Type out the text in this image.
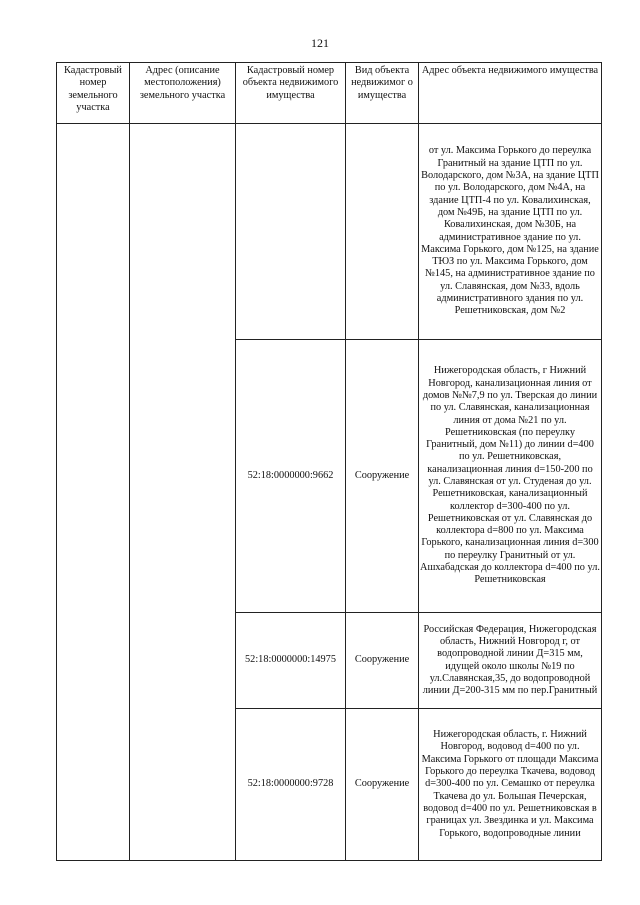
121
Кадастровый номер земельного участка	Адрес (описание местоположения) земельного участка	Кадастровый номер объекта недвижимого имущества	Вид объекта недвижимог о имущества	Адрес объекта недвижимого имущества
				от ул. Максима Горького до переулка Гранитный на здание ЦТП по ул. Володарского, дом №3А, на здание ЦТП по ул. Володарского, дом №4А, на здание ЦТП-4 по ул. Ковалихинская, дом №49Б, на здание ЦТП по ул. Ковалихинская, дом №30Б, на административное здание по ул. Максима Горького, дом №125, на здание ТЮЗ по ул. Максима Горького, дом №145, на административное здание по ул. Славянская, дом №33, вдоль административного здания по ул. Решетниковская, дом №2
		52:18:0000000:9662	Сооружение	Нижегородская область, г Нижний Новгород, канализационная линия от домов №№7,9 по ул. Тверская до линии по ул. Славянская, канализационная линия от дома №21 по ул. Решетниковская (по переулку Гранитный, дом №11) до линии d=400 по ул. Решетниковская, канализационная линия d=150-200 по ул. Славянская от ул. Студеная до ул. Решетниковская, канализационный коллектор d=300-400 по ул. Решетниковская от ул. Славянская до коллектора d=800 по ул. Максима Горького, канализационная линия d=300 по переулку Гранитный от ул. Ашхабадская до коллектора d=400 по ул. Решетниковская
		52:18:0000000:14975	Сооружение	Российская Федерация, Нижегородская область, Нижний Новгород г, от водопроводной линии Д=315 мм, идущей около школы №19 по ул.Славянская,35, до водопроводной линии Д=200-315 мм по пер.Гранитный
		52:18:0000000:9728	Сооружение	Нижегородская область, г. Нижний Новгород, водовод d=400 по ул. Максима Горького от площади Максима Горького до переулка Ткачева, водовод d=300-400 по ул. Семашко от переулка Ткачева до ул. Большая Печерская, водовод d=400 по ул. Решетниковская в границах ул. Звездинка и ул. Максима Горького, водопроводные линии
